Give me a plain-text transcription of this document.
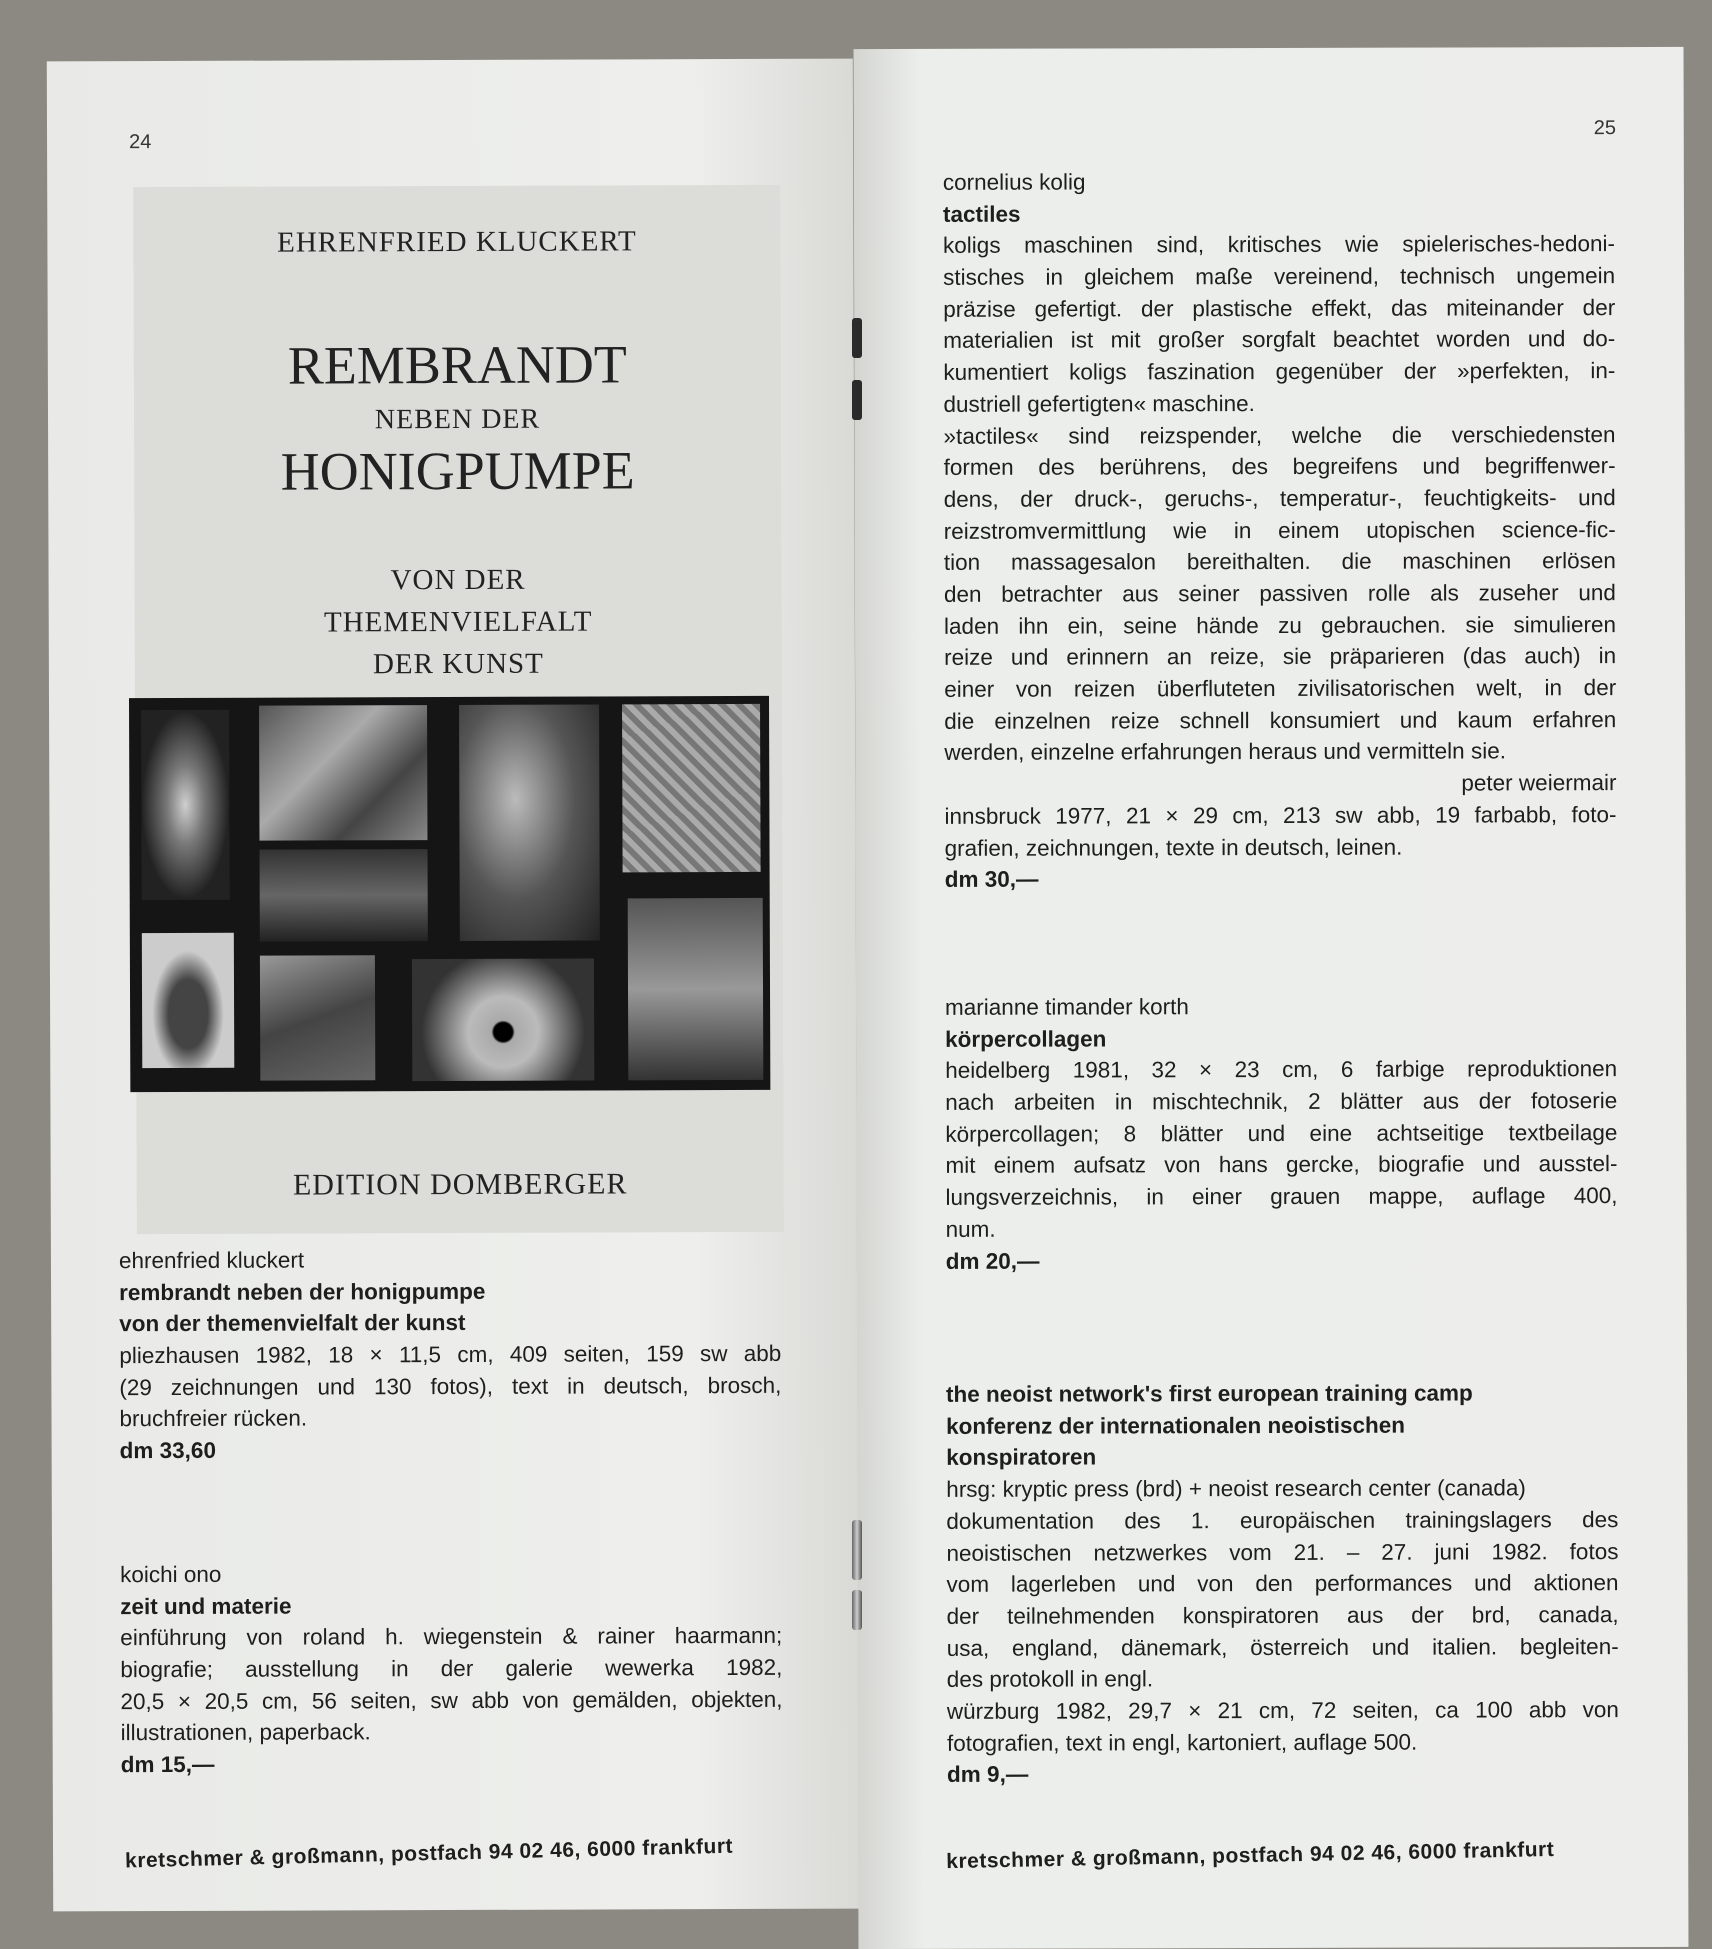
24
EHRENFRIED KLUCKERT
REMBRANDT
NEBEN DER
HONIGPUMPE
VON DER
THEMENVIELFALT
DER KUNST
EDITION DOMBERGER
ehrenfried kluckert
rembrandt neben der honigpumpe
von der themenvielfalt der kunst
pliezhausen 1982, 18 × 11,5 cm, 409 seiten, 159 sw abb
(29 zeichnungen und 130 fotos), text in deutsch, brosch,
bruchfreier rücken.
dm 33,60
koichi ono
zeit und materie
einführung von roland h. wiegenstein & rainer haarmann;
biografie; ausstellung in der galerie wewerka 1982,
20,5 × 20,5 cm, 56 seiten, sw abb von gemälden, objekten,
illustrationen, paperback.
dm 15,—
kretschmer & großmann, postfach 94 02 46, 6000 frankfurt
25
cornelius kolig
tactiles
koligs maschinen sind, kritisches wie spielerisches-hedoni-
stisches in gleichem maße vereinend, technisch ungemein
präzise gefertigt. der plastische effekt, das miteinander der
materialien ist mit großer sorgfalt beachtet worden und do-
kumentiert koligs faszination gegenüber der »perfekten, in-
dustriell gefertigten« maschine.
»tactiles« sind reizspender, welche die verschiedensten
formen des berührens, des begreifens und begriffenwer-
dens, der druck-, geruchs-, temperatur-, feuchtigkeits- und
reizstromvermittlung wie in einem utopischen science-fic-
tion massagesalon bereithalten. die maschinen erlösen
den betrachter aus seiner passiven rolle als zuseher und
laden ihn ein, seine hände zu gebrauchen. sie simulieren
reize und erinnern an reize, sie präparieren (das auch) in
einer von reizen überfluteten zivilisatorischen welt, in der
die einzelnen reize schnell konsumiert und kaum erfahren
werden, einzelne erfahrungen heraus und vermitteln sie.
peter weiermair
innsbruck 1977, 21 × 29 cm, 213 sw abb, 19 farbabb, foto-
grafien, zeichnungen, texte in deutsch, leinen.
dm 30,—
marianne timander korth
körpercollagen
heidelberg 1981, 32 × 23 cm, 6 farbige reproduktionen
nach arbeiten in mischtechnik, 2 blätter aus der fotoserie
körpercollagen; 8 blätter und eine achtseitige textbeilage
mit einem aufsatz von hans gercke, biografie und ausstel-
lungsverzeichnis, in einer grauen mappe, auflage 400,
num.
dm 20,—
the neoist network's first european training camp
konferenz der internationalen neoistischen
konspiratoren
hrsg: kryptic press (brd) + neoist research center (canada)
dokumentation des 1. europäischen trainingslagers des
neoistischen netzwerkes vom 21. – 27. juni 1982. fotos
vom lagerleben und von den performances und aktionen
der teilnehmenden konspiratoren aus der brd, canada,
usa, england, dänemark, österreich und italien. begleiten-
des protokoll in engl.
würzburg 1982, 29,7 × 21 cm, 72 seiten, ca 100 abb von
fotografien, text in engl, kartoniert, auflage 500.
dm 9,—
kretschmer & großmann, postfach 94 02 46, 6000 frankfurt
